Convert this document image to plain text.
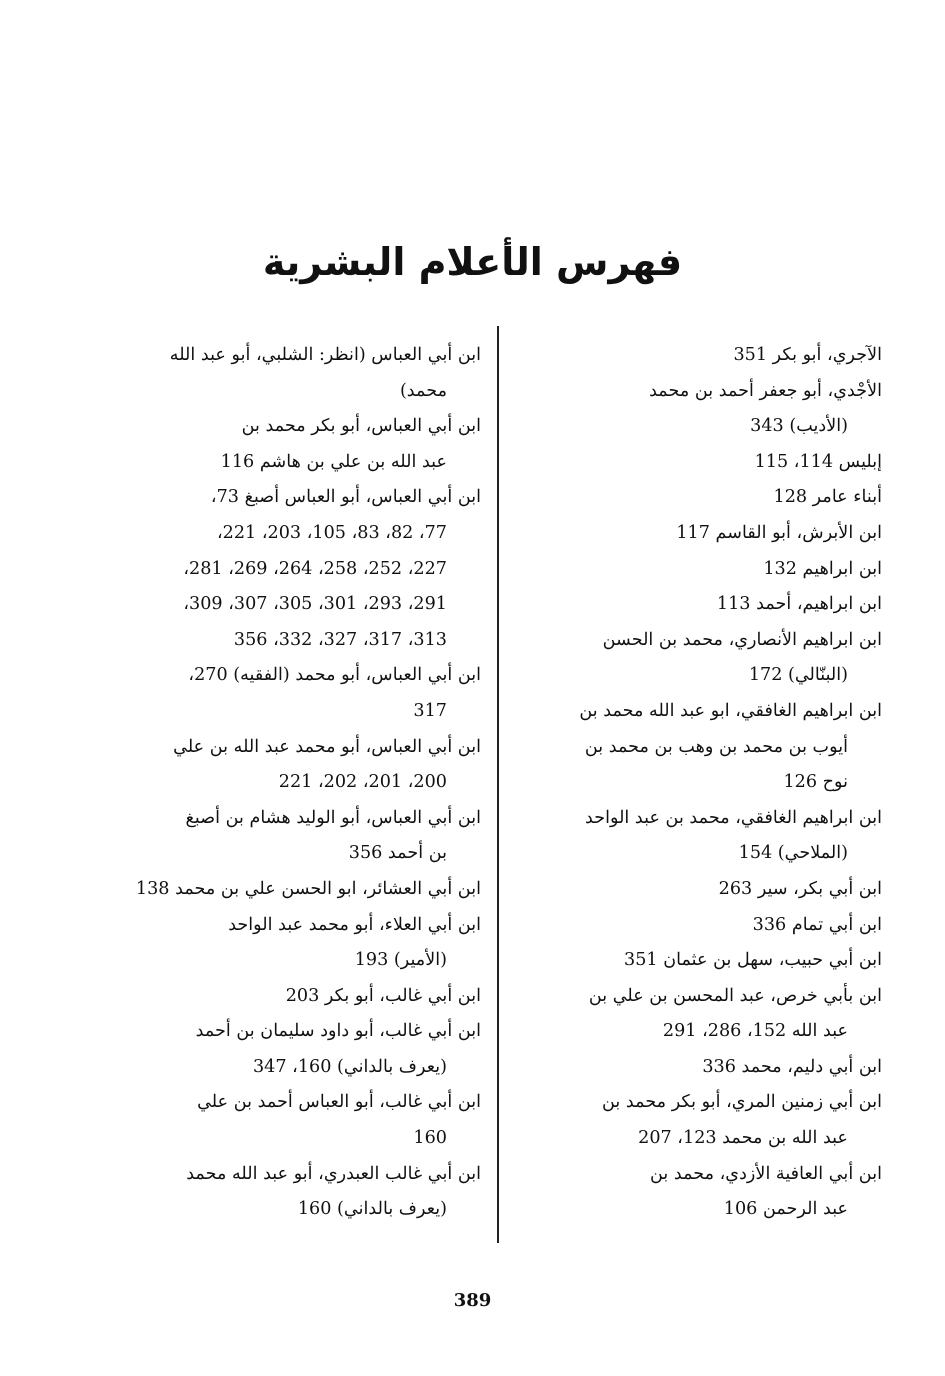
فهرس الأعلام البشرية
الآجري، أبو بكر 351
الأجْدي، أبو جعفر أحمد بن محمد
(الأديب) 343
إبليس 114، 115
أبناء عامر 128
ابن الأبرش، أبو القاسم 117
ابن ابراهيم 132
ابن ابراهيم، أحمد 113
ابن ابراهيم الأنصاري، محمد بن الحسن
(البنّالي) 172
ابن ابراهيم الغافقي، ابو عبد الله محمد بن
أيوب بن محمد بن وهب بن محمد بن
نوح 126
ابن ابراهيم الغافقي، محمد بن عبد الواحد
(الملاحي) 154
ابن أبي بكر، سير 263
ابن أبي تمام 336
ابن أبي حبيب، سهل بن عثمان 351
ابن بأبي خرص، عبد المحسن بن علي بن
عبد الله 152، 286، 291
ابن أبي دليم، محمد 336
ابن أبي زمنين المري، أبو بكر محمد بن
عبد الله بن محمد 123، 207
ابن أبي العافية الأزدي، محمد بن
عبد الرحمن 106
ابن أبي العباس (انظر: الشلبي، أبو عبد الله
محمد)
ابن أبي العباس، أبو بكر محمد بن
عبد الله بن علي بن هاشم 116
ابن أبي العباس، أبو العباس أصبغ 73،
77، 82، 83، 105، 203، 221،
227، 252، 258، 264، 269، 281،
291، 293، 301، 305، 307، 309،
313، 317، 327، 332، 356
ابن أبي العباس، أبو محمد (الفقيه) 270،
317
ابن أبي العباس، أبو محمد عبد الله بن علي
200، 201، 202، 221
ابن أبي العباس، أبو الوليد هشام بن أصبغ
بن أحمد 356
ابن أبي العشائر، ابو الحسن علي بن محمد 138
ابن أبي العلاء، أبو محمد عبد الواحد
(الأمير) 193
ابن أبي غالب، أبو بكر 203
ابن أبي غالب، أبو داود سليمان بن أحمد
(يعرف بالداني) 160، 347
ابن أبي غالب، أبو العباس أحمد بن علي
160
ابن أبي غالب العبدري، أبو عبد الله محمد
(يعرف بالداني) 160
389
